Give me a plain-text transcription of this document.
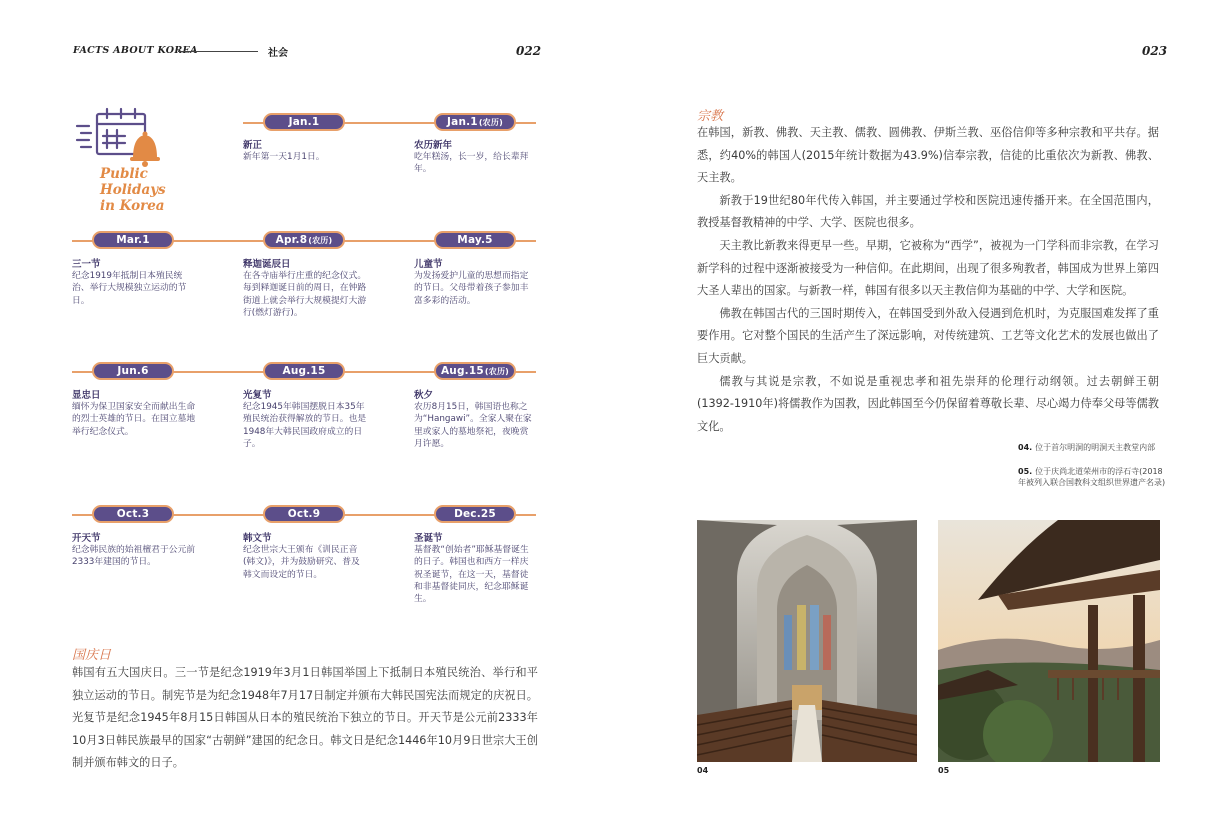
FACTS ABOUT KOREA	社会	022
Public
Holidays
in Korea
Jan.1	Jan.1 (农历)
新正
新年第一天1月1日。
农历新年
吃年糕汤，长一岁，给长辈拜年。
Mar.1	Apr.8 (农历)	May.5
三一节
纪念1919年抵制日本殖民统治、举行大规模独立运动的节日。
释迦诞辰日
在各寺庙举行庄重的纪念仪式。每到释迦诞日前的周日，在钟路街道上就会举行大规模提灯大游行(燃灯游行)。
儿童节
为发扬爱护儿童的思想而指定的节日。父母带着孩子参加丰富多彩的活动。
Jun.6	Aug.15	Aug.15 (农历)
显忠日
缅怀为保卫国家安全而献出生命的烈士英雄的节日。在国立墓地举行纪念仪式。
光复节
纪念1945年韩国摆脱日本35年殖民统治获得解放的节日。也是1948年大韩民国政府成立的日子。
秋夕
农历8月15日，韩国语也称之为“Hangawi”。全家人聚在家里或家人的墓地祭祀，夜晚赏月许愿。
Oct.3	Oct.9	Dec.25
开天节
纪念韩民族的始祖檀君于公元前2333年建国的节日。
韩文节
纪念世宗大王颁布《训民正音(韩文)》，并为鼓励研究、普及韩文而设定的节日。
圣诞节
基督教“创始者”耶稣基督诞生的日子。韩国也和西方一样庆祝圣诞节，在这一天，基督徒和非基督徒同庆，纪念耶稣诞生。
国庆日
韩国有五大国庆日。三一节是纪念1919年3月1日韩国举国上下抵制日本殖民统治、举行和平独立运动的节日。制宪节是为纪念1948年7月17日制定并颁布大韩民国宪法而规定的庆祝日。光复节是纪念1945年8月15日韩国从日本的殖民统治下独立的节日。开天节是公元前2333年10月3日韩民族最早的国家“古朝鲜”建国的纪念日。韩文日是纪念1446年10月9日世宗大王创制并颁布韩文的日子。
023
宗教

在韩国，新教、佛教、天主教、儒教、圆佛教、伊斯兰教、巫俗信仰等多种宗教和平共存。据悉，约40%的韩国人(2015年统计数据为43.9%)信奉宗教，信徒的比重依次为新教、佛教、天主教。

新教于19世纪80年代传入韩国，并主要通过学校和医院迅速传播开来。在全国范围内，教授基督教精神的中学、大学、医院也很多。

天主教比新教来得更早一些。早期，它被称为“西学”，被视为一门学科而非宗教，在学习新学科的过程中逐渐被接受为一种信仰。在此期间，出现了很多殉教者，韩国成为世界上第四大圣人辈出的国家。与新教一样，韩国有很多以天主教信仰为基础的中学、大学和医院。

佛教在韩国古代的三国时期传入，在韩国受到外敌入侵遇到危机时，为克服国难发挥了重要作用。它对整个国民的生活产生了深远影响，对传统建筑、工艺等文化艺术的发展也做出了巨大贡献。

儒教与其说是宗教，不如说是重视忠孝和祖先崇拜的伦理行动纲领。过去朝鲜王朝(1392-1910年)将儒教作为国教，因此韩国至今仍保留着尊敬长辈、尽心竭力侍奉父母等儒教文化。

04. 位于首尔明洞的明洞天主教堂内部
05. 位于庆尚北道荣州市的浮石寺(2018年被列入联合国教科文组织世界遗产名录)
04	05
